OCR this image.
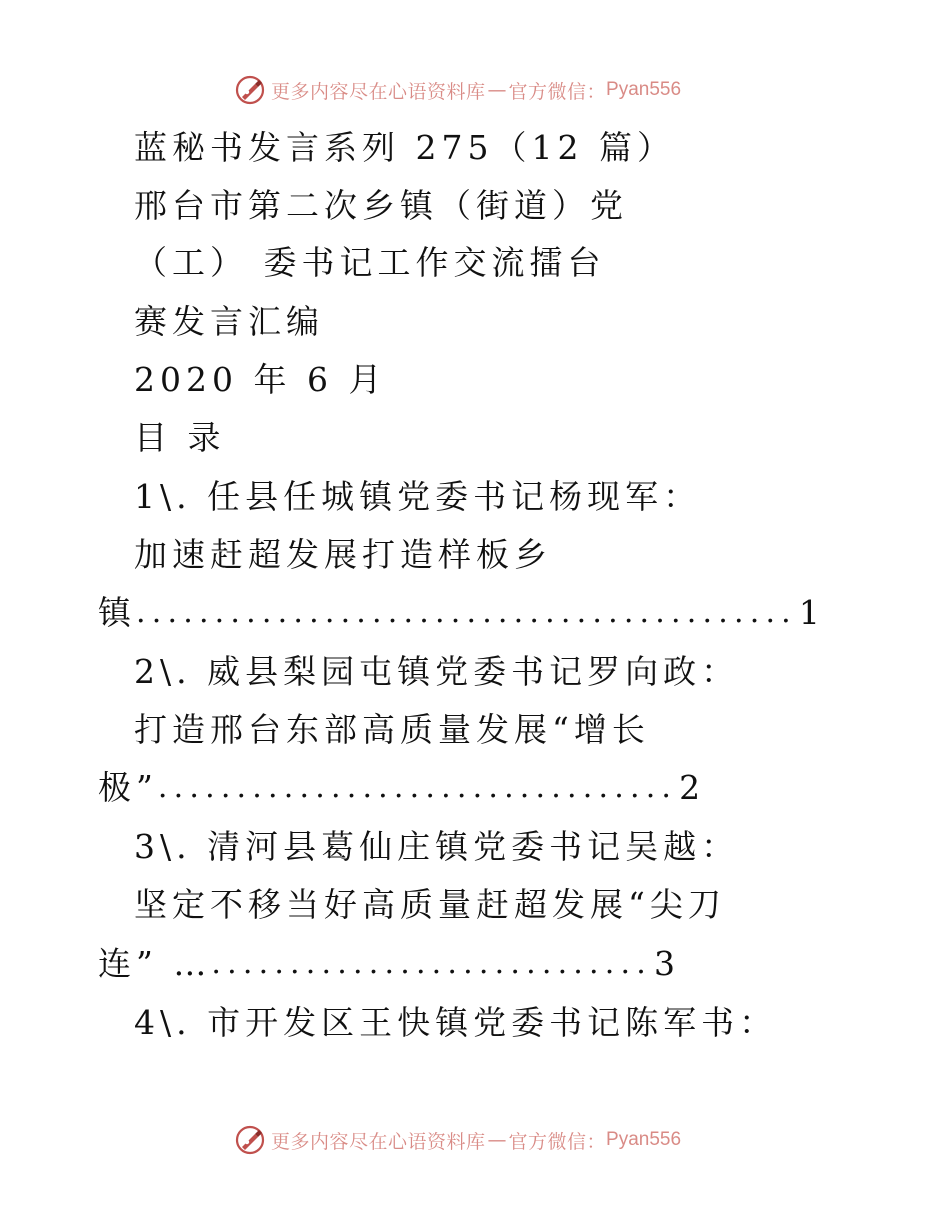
更多内容尽在心语资料库 — 官方微信： Pyan556
蓝秘书发言系列 275（12 篇）
邢台市第二次乡镇（街道）党
（工） 委书记工作交流擂台
赛发言汇编
2020 年 6 月
目 录
1\. 任县任城镇党委书记杨现军：
加速赶超发展打造样板乡
镇 .......................................... 1
2\. 威县梨园屯镇党委书记罗向政：
打造邢台东部高质量发展“增长
极” ................................. 2
3\. 清河县葛仙庄镇党委书记吴越：
坚定不移当好高质量赶超发展“尖刀
连” … ............................ 3
4\. 市开发区王快镇党委书记陈军书：
更多内容尽在心语资料库 — 官方微信： Pyan556
